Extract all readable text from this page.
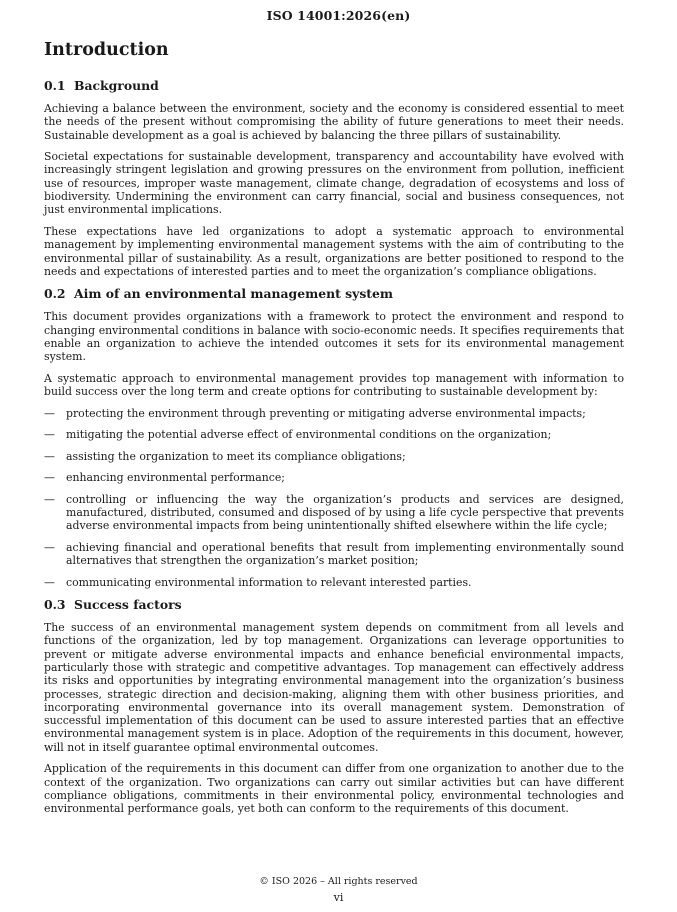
ISO 14001:2026(en)
Introduction
0.1 Background

Achieving a balance between the environment, society and the economy is considered essential to meet the needs of the present without compromising the ability of future generations to meet their needs. Sustainable development as a goal is achieved by balancing the three pillars of sustainability.

Societal expectations for sustainable development, transparency and accountability have evolved with increasingly stringent legislation and growing pressures on the environment from pollution, inefficient use of resources, improper waste management, climate change, degradation of ecosystems and loss of biodiversity. Undermining the environment can carry financial, social and business consequences, not just environmental implications.

These expectations have led organizations to adopt a systematic approach to environmental management by implementing environmental management systems with the aim of contributing to the environmental pillar of sustainability. As a result, organizations are better positioned to respond to the needs and expectations of interested parties and to meet the organization’s compliance obligations.

0.2 Aim of an environmental management system

This document provides organizations with a framework to protect the environment and respond to changing environmental conditions in balance with socio-economic needs. It specifies requirements that enable an organization to achieve the intended outcomes it sets for its environmental management system.

A systematic approach to environmental management provides top management with information to build success over the long term and create options for contributing to sustainable development by:

— protecting the environment through preventing or mitigating adverse environmental impacts;
— mitigating the potential adverse effect of environmental conditions on the organization;
— assisting the organization to meet its compliance obligations;
— enhancing environmental performance;
— controlling or influencing the way the organization’s products and services are designed, manufactured, distributed, consumed and disposed of by using a life cycle perspective that prevents adverse environmental impacts from being unintentionally shifted elsewhere within the life cycle;
— achieving financial and operational benefits that result from implementing environmentally sound alternatives that strengthen the organization’s market position;
— communicating environmental information to relevant interested parties.
0.3 Success factors

The success of an environmental management system depends on commitment from all levels and functions of the organization, led by top management. Organizations can leverage opportunities to prevent or mitigate adverse environmental impacts and enhance beneficial environmental impacts, particularly those with strategic and competitive advantages. Top management can effectively address its risks and opportunities by integrating environmental management into the organization’s business processes, strategic direction and decision-making, aligning them with other business priorities, and incorporating environmental governance into its overall management system. Demonstration of successful implementation of this document can be used to assure interested parties that an effective environmental management system is in place. Adoption of the requirements in this document, however, will not in itself guarantee optimal environmental outcomes.

Application of the requirements in this document can differ from one organization to another due to the context of the organization. Two organizations can carry out similar activities but can have different compliance obligations, commitments in their environmental policy, environmental technologies and environmental performance goals, yet both can conform to the requirements of this document.

© ISO 2026 – All rights reserved
vi
